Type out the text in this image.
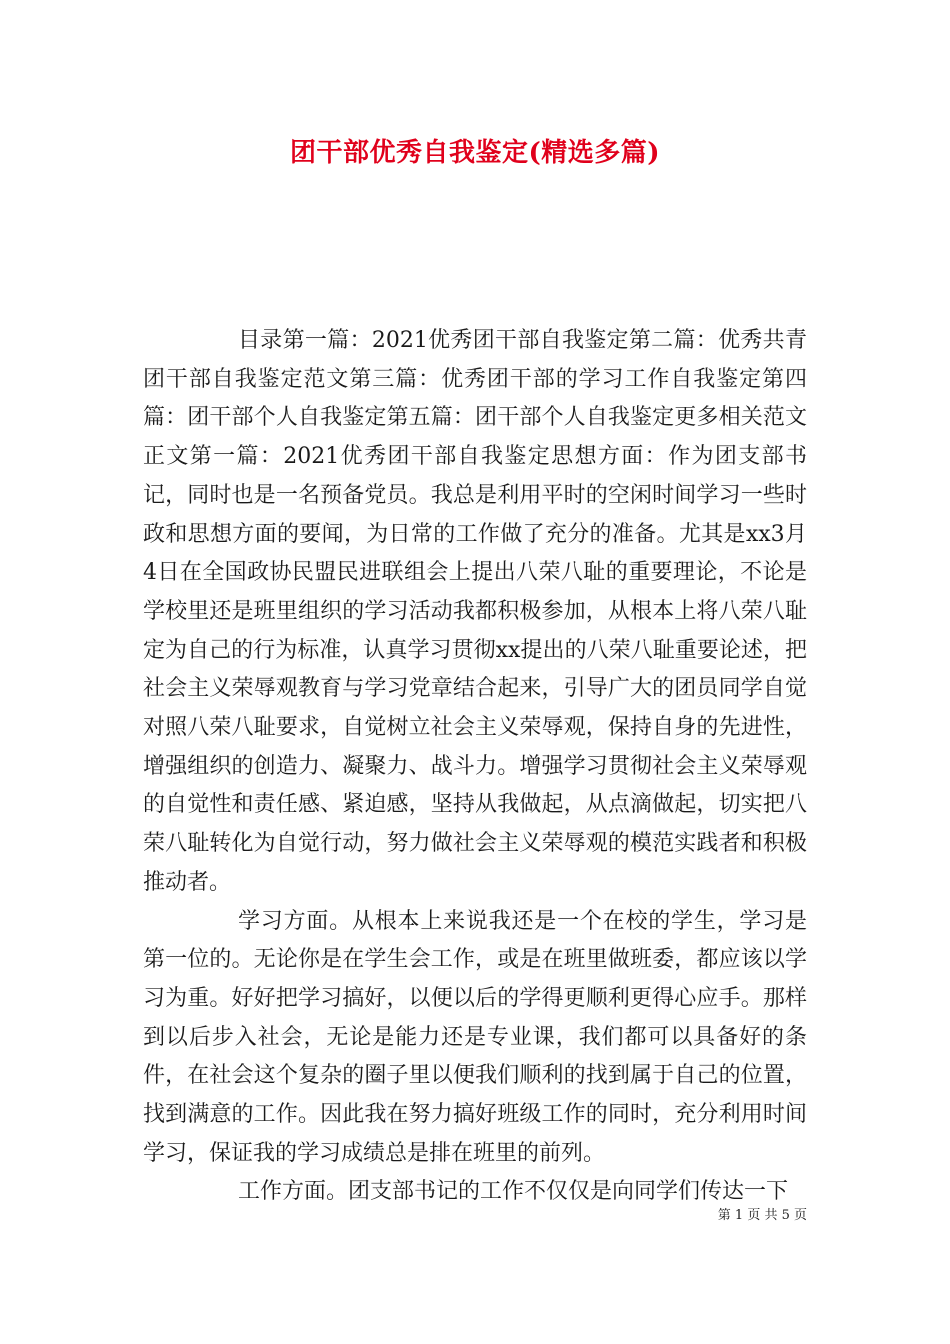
团干部优秀自我鉴定(精选多篇)

目录第一篇：2021优秀团干部自我鉴定第二篇：优秀共青团干部自我鉴定范文第三篇：优秀团干部的学习工作自我鉴定第四篇：团干部个人自我鉴定第五篇：团干部个人自我鉴定更多相关范文正文第一篇：2021优秀团干部自我鉴定思想方面：作为团支部书记，同时也是一名预备党员。我总是利用平时的空闲时间学习一些时政和思想方面的要闻，为日常的工作做了充分的准备。尤其是xx3月4日在全国政协民盟民进联组会上提出八荣八耻的重要理论，不论是学校里还是班里组织的学习活动我都积极参加，从根本上将八荣八耻定为自己的行为标准，认真学习贯彻xx提出的八荣八耻重要论述，把社会主义荣辱观教育与学习党章结合起来，引导广大的团员同学自觉对照八荣八耻要求，自觉树立社会主义荣辱观，保持自身的先进性，增强组织的创造力、凝聚力、战斗力。增强学习贯彻社会主义荣辱观的自觉性和责任感、紧迫感，坚持从我做起，从点滴做起，切实把八荣八耻转化为自觉行动，努力做社会主义荣辱观的模范实践者和积极推动者。

学习方面。从根本上来说我还是一个在校的学生，学习是第一位的。无论你是在学生会工作，或是在班里做班委，都应该以学习为重。好好把学习搞好，以便以后的学得更顺利更得心应手。那样到以后步入社会，无论是能力还是专业课，我们都可以具备好的条件，在社会这个复杂的圈子里以便我们顺利的找到属于自己的位置，找到满意的工作。因此我在努力搞好班级工作的同时，充分利用时间学习，保证我的学习成绩总是排在班里的前列。

工作方面。团支部书记的工作不仅仅是向同学们传达一下

第 1 页 共 5 页
